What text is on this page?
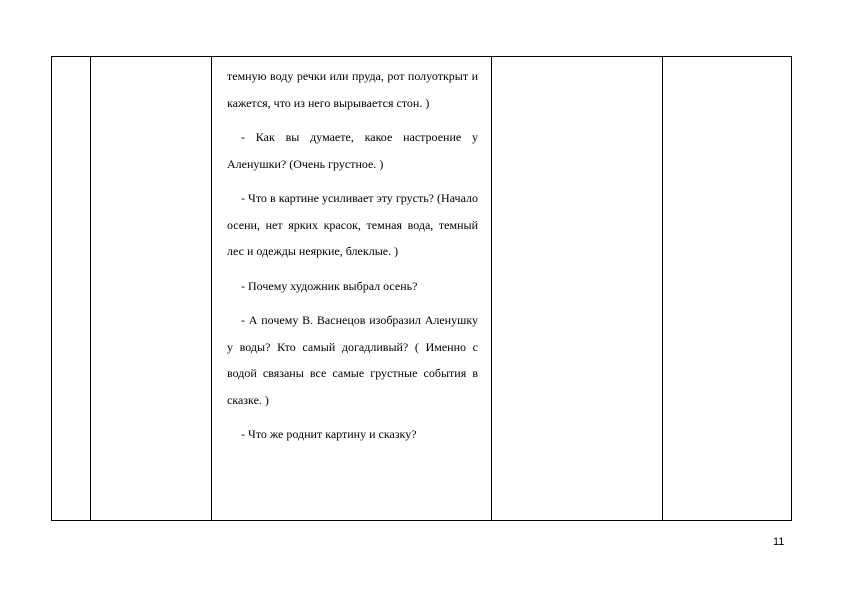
темную воду речки или пруда, рот полуоткрыт и кажется, что из него вырывается стон. )

- Как вы думаете, какое настроение у Аленушки? (Очень грустное. )

- Что в картине усиливает эту грусть? (Начало осени, нет ярких красок, темная вода, темный лес и одежды неяркие, блеклые. )

- Почему художник выбрал осень?

- А почему В. Васнецов изобразил Аленушку у воды? Кто самый догадливый? ( Именно с водой связаны все самые грустные события в сказке. )

- Что же роднит картину и сказку?

11
